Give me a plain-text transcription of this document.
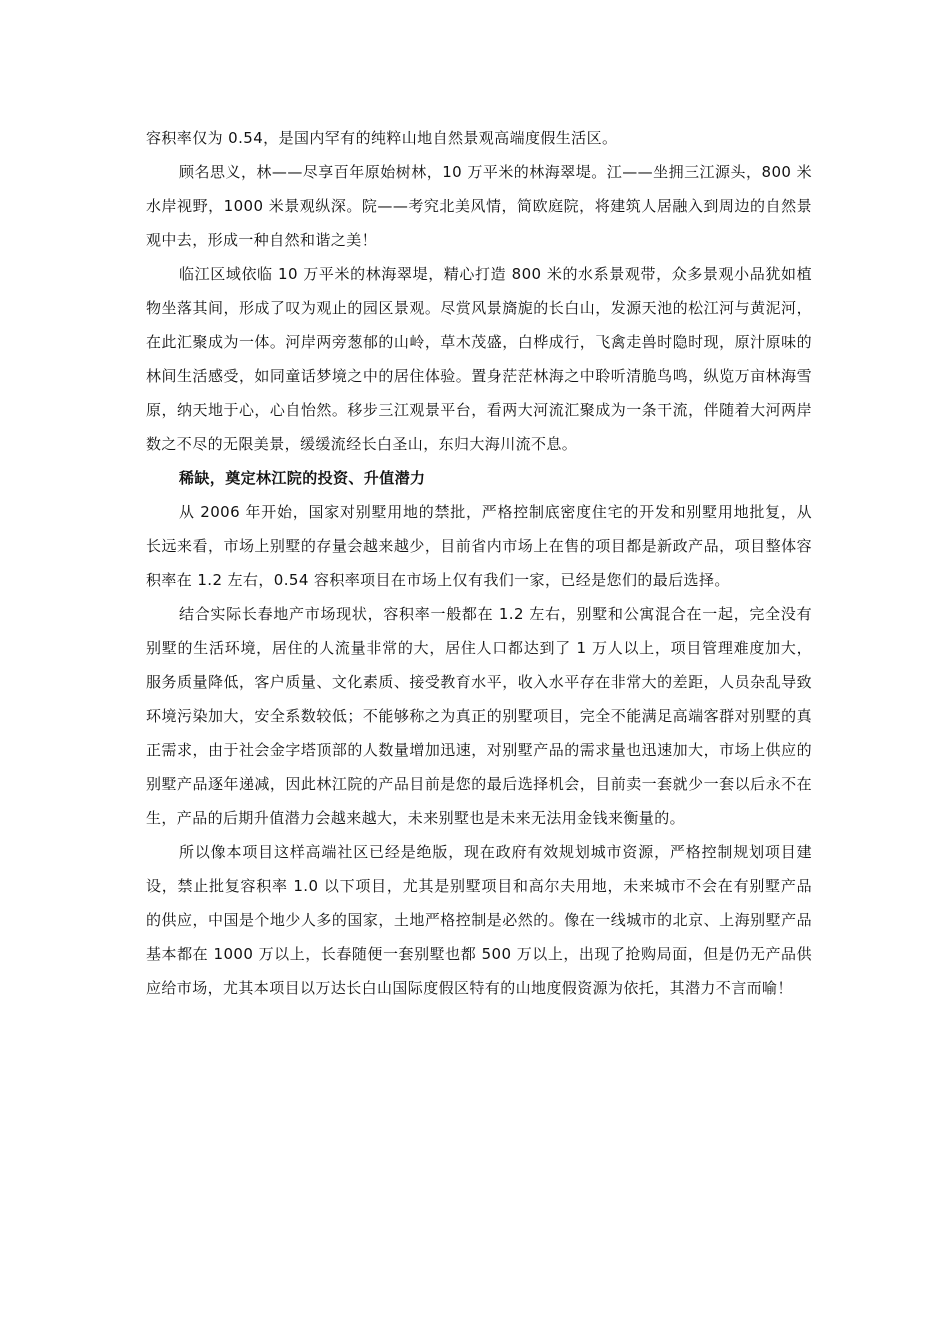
容积率仅为 0.54，是国内罕有的纯粹山地自然景观高端度假生活区。

顾名思义，林——尽享百年原始树林，10 万平米的林海翠堤。江——坐拥三江源头，800 米水岸视野，1000 米景观纵深。院——考究北美风情，简欧庭院，将建筑人居融入到周边的自然景观中去，形成一种自然和谐之美！

临江区域依临 10 万平米的林海翠堤，精心打造 800 米的水系景观带，众多景观小品犹如植物坐落其间，形成了叹为观止的园区景观。尽赏风景旖旎的长白山，发源天池的松江河与黄泥河，在此汇聚成为一体。河岸两旁葱郁的山岭，草木茂盛，白桦成行，飞禽走兽时隐时现，原汁原味的林间生活感受，如同童话梦境之中的居住体验。置身茫茫林海之中聆听清脆鸟鸣，纵览万亩林海雪原，纳天地于心，心自怡然。移步三江观景平台，看两大河流汇聚成为一条干流，伴随着大河两岸数之不尽的无限美景，缓缓流经长白圣山，东归大海川流不息。

稀缺，奠定林江院的投资、升值潜力

从 2006 年开始，国家对别墅用地的禁批，严格控制底密度住宅的开发和别墅用地批复，从长远来看，市场上别墅的存量会越来越少，目前省内市场上在售的项目都是新政产品，项目整体容积率在 1.2 左右，0.54 容积率项目在市场上仅有我们一家，已经是您们的最后选择。

结合实际长春地产市场现状，容积率一般都在 1.2 左右，别墅和公寓混合在一起，完全没有别墅的生活环境，居住的人流量非常的大，居住人口都达到了 1 万人以上，项目管理难度加大，服务质量降低，客户质量、文化素质、接受教育水平，收入水平存在非常大的差距，人员杂乱导致环境污染加大，安全系数较低；不能够称之为真正的别墅项目，完全不能满足高端客群对别墅的真正需求，由于社会金字塔顶部的人数量增加迅速，对别墅产品的需求量也迅速加大，市场上供应的别墅产品逐年递减，因此林江院的产品目前是您的最后选择机会，目前卖一套就少一套以后永不在生，产品的后期升值潜力会越来越大，未来别墅也是未来无法用金钱来衡量的。

所以像本项目这样高端社区已经是绝版，现在政府有效规划城市资源，严格控制规划项目建设，禁止批复容积率 1.0 以下项目，尤其是别墅项目和高尔夫用地，未来城市不会在有别墅产品的供应，中国是个地少人多的国家，土地严格控制是必然的。像在一线城市的北京、上海别墅产品基本都在 1000 万以上，长春随便一套别墅也都 500 万以上，出现了抢购局面，但是仍无产品供应给市场，尤其本项目以万达长白山国际度假区特有的山地度假资源为依托，其潜力不言而喻！
